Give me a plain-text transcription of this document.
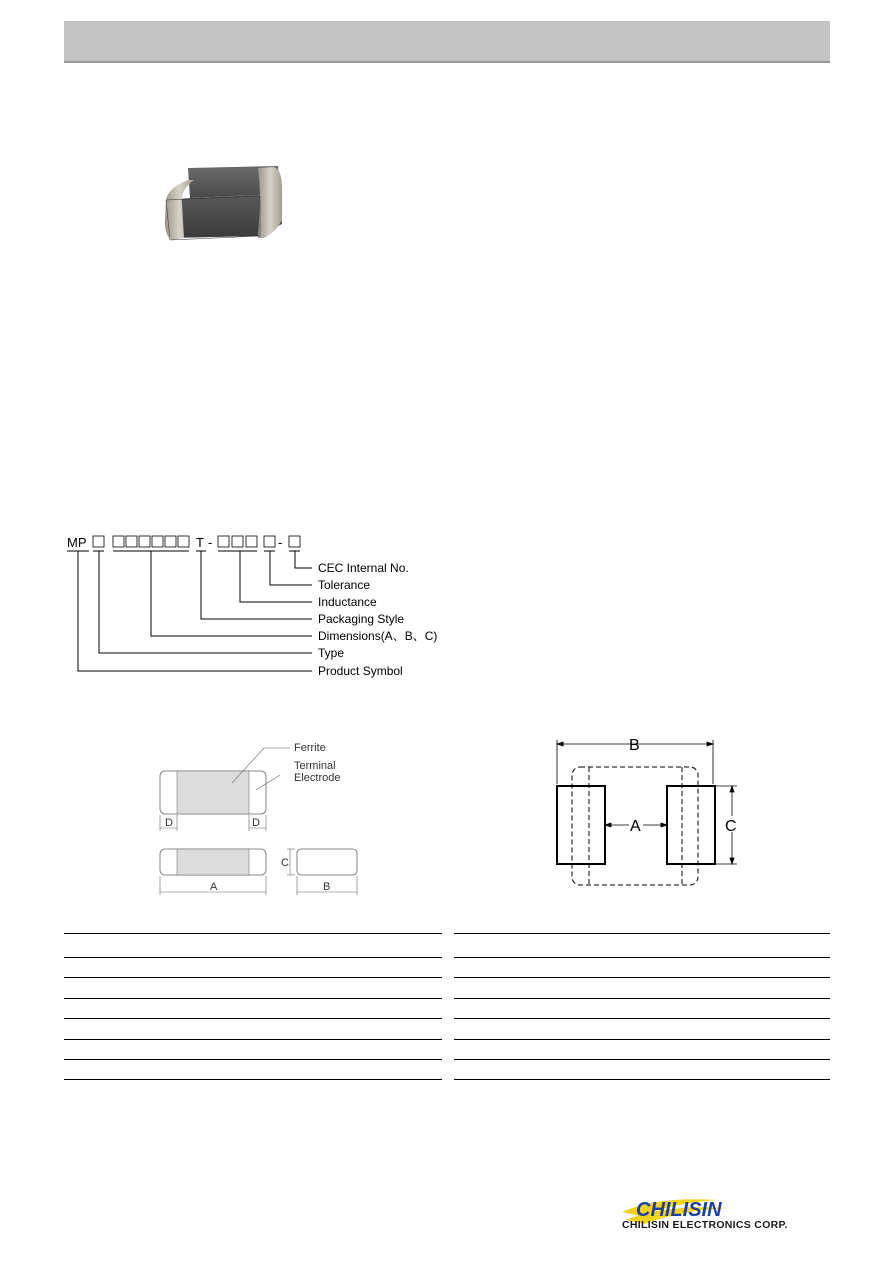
MP	T -	-
CEC Internal No.
Tolerance
Inductance
Packaging Style
Dimensions(A、B、C)
Type
Product Symbol
Ferrite
Terminal
Electrode
D	D
C
A	B
B
A	C
CHILISIN
CHILISIN ELECTRONICS CORP.
